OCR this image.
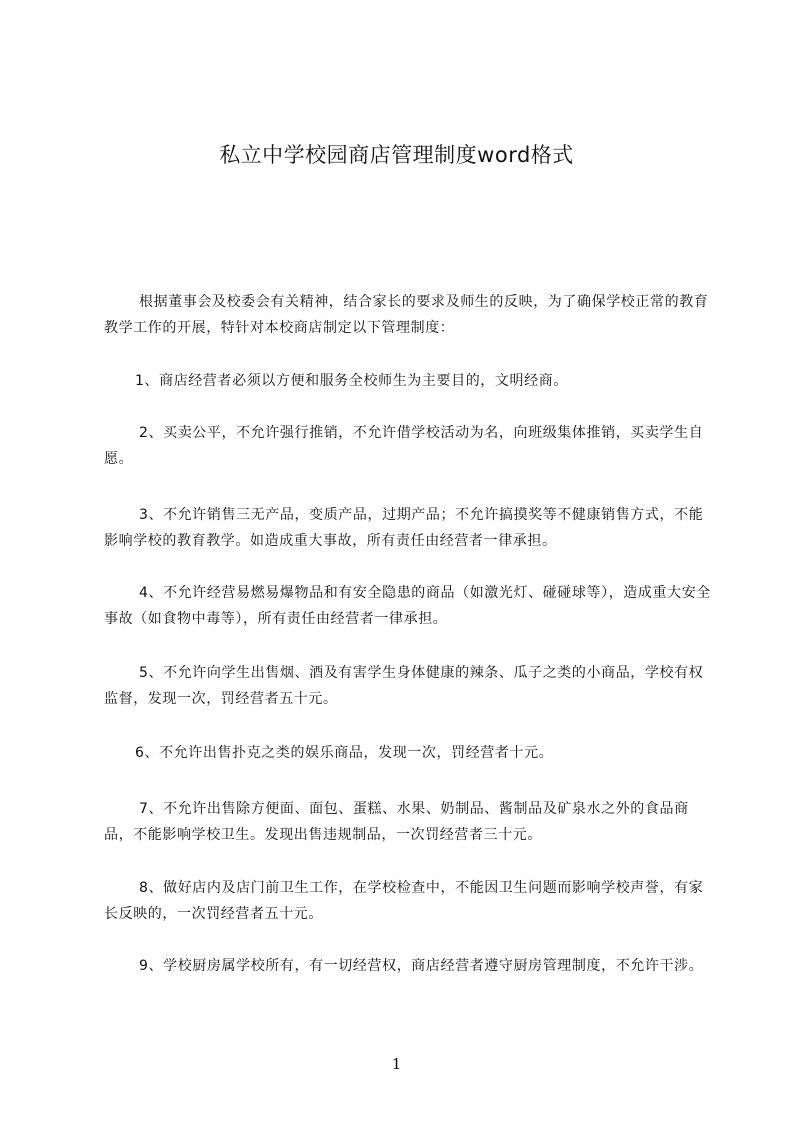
私立中学校园商店管理制度word格式

根据董事会及校委会有关精神，结合家长的要求及师生的反映，为了确保学校正常的教育教学工作的开展，特针对本校商店制定以下管理制度：

1、商店经营者必须以方便和服务全校师生为主要目的，文明经商。

2、买卖公平，不允许强行推销，不允许借学校活动为名，向班级集体推销，买卖学生自愿。

3、不允许销售三无产品，变质产品，过期产品；不允许搞摸奖等不健康销售方式，不能影响学校的教育教学。如造成重大事故，所有责任由经营者一律承担。

4、不允许经营易燃易爆物品和有安全隐患的商品（如激光灯、碰碰球等），造成重大安全事故（如食物中毒等），所有责任由经营者一律承担。

5、不允许向学生出售烟、酒及有害学生身体健康的辣条、瓜子之类的小商品，学校有权监督，发现一次，罚经营者五十元。

6、不允许出售扑克之类的娱乐商品，发现一次，罚经营者十元。

7、不允许出售除方便面、面包、蛋糕、水果、奶制品、酱制品及矿泉水之外的食品商品，不能影响学校卫生。发现出售违规制品，一次罚经营者三十元。

8、做好店内及店门前卫生工作，在学校检查中，不能因卫生问题而影响学校声誉，有家长反映的，一次罚经营者五十元。

9、学校厨房属学校所有，有一切经营权，商店经营者遵守厨房管理制度，不允许干涉。

1
